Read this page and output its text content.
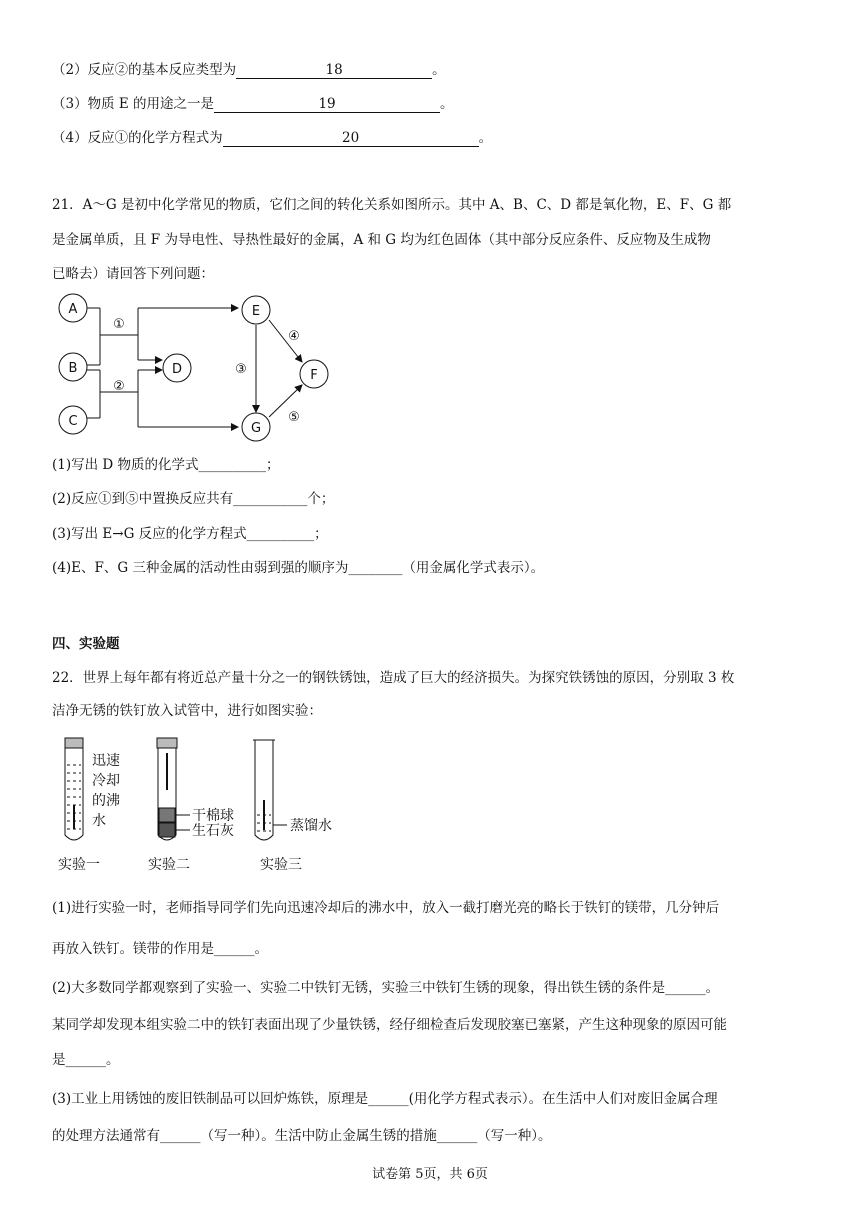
（2）反应②的基本反应类型为	18	。
（3）物质 E 的用途之一是	19	。
（4）反应①的化学方程式为	20	。
21．A～G 是初中化学常见的物质，它们之间的转化关系如图所示。其中 A、B、C、D 都是氧化物，E、F、G 都
是金属单质，且 F 为导电性、导热性最好的金属，A 和 G 均为红色固体（其中部分反应条件、反应物及生成物
已略去）请回答下列问题：
A
B
C
D
E
F
G
①
②
③
④
⑤
(1)写出 D 物质的化学式__________；
(2)反应①到⑤中置换反应共有___________个；
(3)写出 E→G 反应的化学方程式__________；
(4)E、F、G 三种金属的活动性由弱到强的顺序为________（用金属化学式表示）。
四、实验题
22．世界上每年都有将近总产量十分之一的钢铁锈蚀，造成了巨大的经济损失。为探究铁锈蚀的原因，分别取 3 枚
洁净无锈的铁钉放入试管中，进行如图实验：
迅速
冷却
的沸
水	干棉球
生石灰	蒸馏水
实验一	实验二	实验三
(1)进行实验一时，老师指导同学们先向迅速冷却后的沸水中，放入一截打磨光亮的略长于铁钉的镁带，几分钟后
再放入铁钉。镁带的作用是______。
(2)大多数同学都观察到了实验一、实验二中铁钉无锈，实验三中铁钉生锈的现象，得出铁生锈的条件是______。
某同学却发现本组实验二中的铁钉表面出现了少量铁锈，经仔细检查后发现胶塞已塞紧，产生这种现象的原因可能
是______。
(3)工业上用锈蚀的废旧铁制品可以回炉炼铁，原理是______(用化学方程式表示）。在生活中人们对废旧金属合理
的处理方法通常有______（写一种）。生活中防止金属生锈的措施______（写一种）。
试卷第 5页，共 6页
